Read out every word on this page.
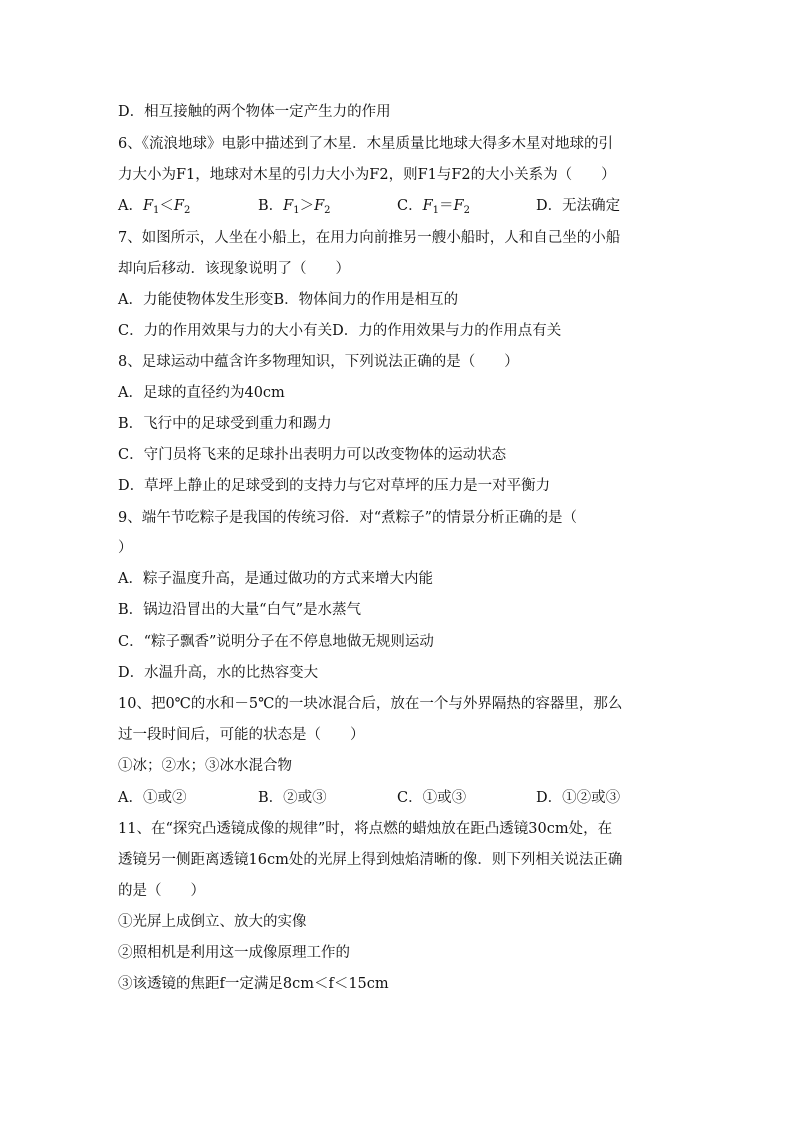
D．相互接触的两个物体一定产生力的作用
6、《流浪地球》电影中描述到了木星．木星质量比地球大得多木星对地球的引
力大小为F1，地球对木星的引力大小为F2，则F1与F2的大小关系为（　　）
A．$F_1<F_2$	B．$F_1>F_2$	C．$F_1=F_2$	D．无法确定
7、如图所示，人坐在小船上，在用力向前推另一艘小船时，人和自己坐的小船
却向后移动．该现象说明了（　　）
A．力能使物体发生形变B．物体间力的作用是相互的
C．力的作用效果与力的大小有关D．力的作用效果与力的作用点有关
8、足球运动中蕴含许多物理知识，下列说法正确的是（　　）
A．足球的直径约为40cm
B．飞行中的足球受到重力和踢力
C．守门员将飞来的足球扑出表明力可以改变物体的运动状态
D．草坪上静止的足球受到的支持力与它对草坪的压力是一对平衡力
9、端午节吃粽子是我国的传统习俗．对“煮粽子”的情景分析正确的是（
）
A．粽子温度升高，是通过做功的方式来增大内能
B．锅边沿冒出的大量“白气”是水蒸气
C．“粽子飘香”说明分子在不停息地做无规则运动
D．水温升高，水的比热容变大
10、把0℃的水和－5℃的一块冰混合后，放在一个与外界隔热的容器里，那么
过一段时间后，可能的状态是（　　）
①冰；②水；③冰水混合物
A．①或②	B．②或③	C．①或③	D．①②或③
11、在“探究凸透镜成像的规律”时，将点燃的蜡烛放在距凸透镜30cm处，在
透镜另一侧距离透镜16cm处的光屏上得到烛焰清晰的像．则下列相关说法正确
的是（　　）
①光屏上成倒立、放大的实像
②照相机是利用这一成像原理工作的
③该透镜的焦距f一定满足8cm＜f＜15cm
